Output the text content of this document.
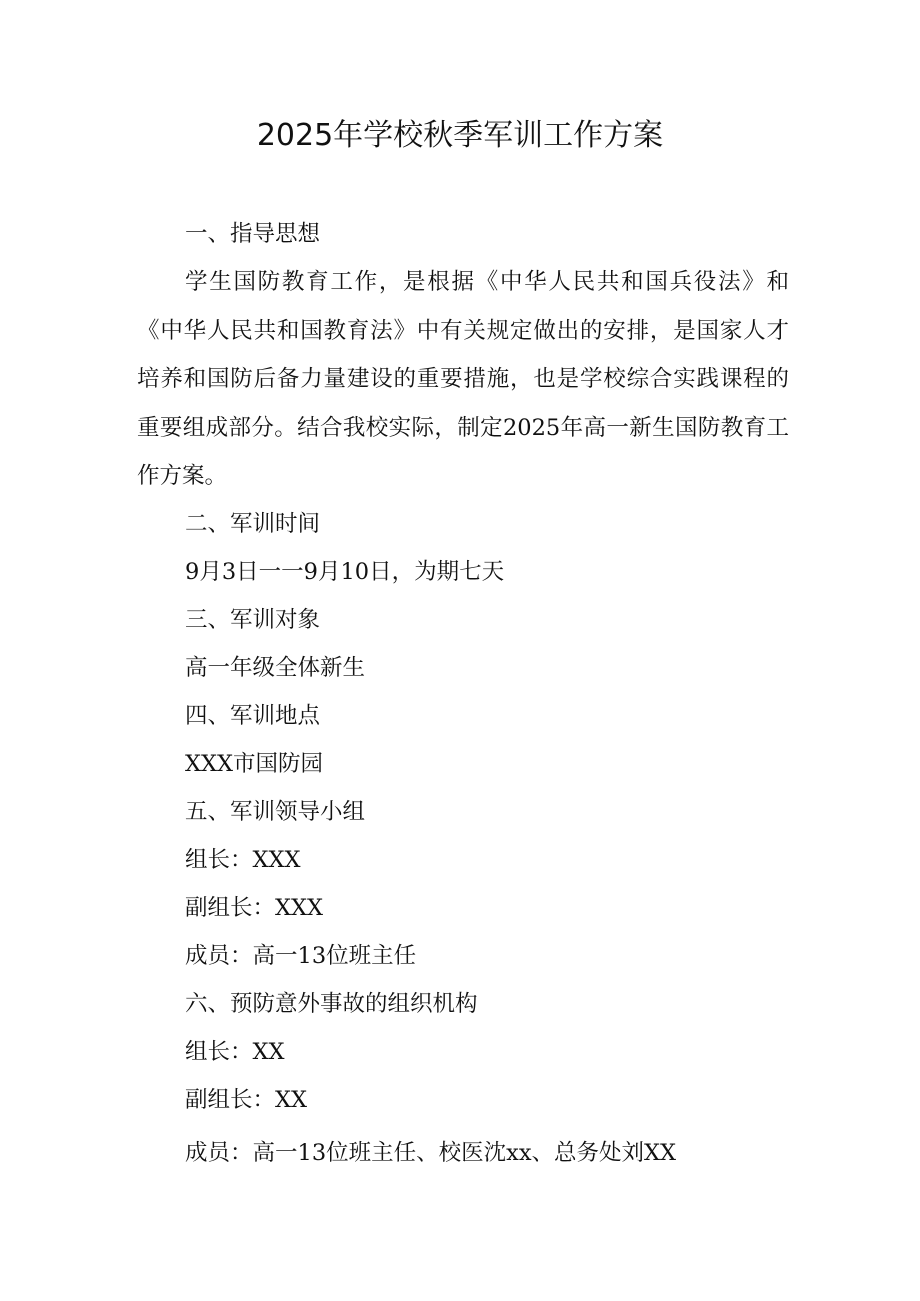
2025年学校秋季军训工作方案

一、指导思想

学生国防教育工作，是根据《中华人民共和国兵役法》和《中华人民共和国教育法》中有关规定做出的安排，是国家人才培养和国防后备力量建设的重要措施，也是学校综合实践课程的重要组成部分。结合我校实际，制定2025年高一新生国防教育工作方案。

二、军训时间

9月3日一一9月10日，为期七天

三、军训对象

高一年级全体新生

四、军训地点

XXX市国防园

五、军训领导小组

组长：XXX

副组长：XXX

成员：高一13位班主任

六、预防意外事故的组织机构

组长：XX

副组长：XX

成员：高一13位班主任、校医沈xx、总务处刘XX
